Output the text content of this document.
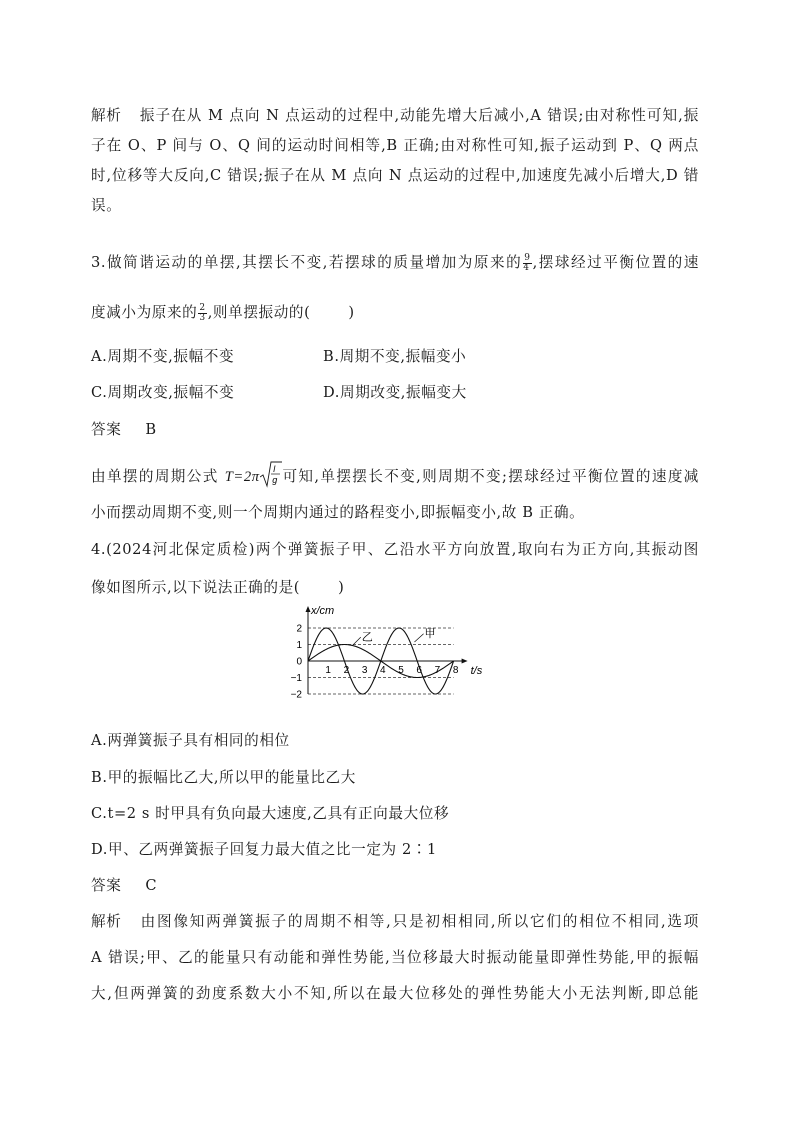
解析 振子在从 M 点向 N 点运动的过程中,动能先增大后减小,A 错误;由对称性可知,振
子在 O、P 间与 O、Q 间的运动时间相等,B 正确;由对称性可知,振子运动到 P、Q 两点
时,位移等大反向,C 错误;振子在从 M 点向 N 点运动的过程中,加速度先减小后增大,D 错
误。
3.做简谐运动的单摆,其摆长不变,若摆球的质量增加为原来的 $\frac{9}{4}$ ,摆球经过平衡位置的速
度减小为原来的 $\frac{2}{3}$ ,则单摆振动的(	)
A.周期不变,振幅不变	B.周期不变,振幅变小
C.周期改变,振幅不变	D.周期改变,振幅变大
答案 B
由单摆的周期公式 T=2π l
g 可知,单摆摆长不变,则周期不变;摆球经过平衡位置的速度减
小而摆动周期不变,则一个周期内通过的路程变小,即振幅变小,故 B 正确。
4.(2024河北保定质检)两个弹簧振子甲、乙沿水平方向放置,取向右为正方向,其振动图
像如图所示,以下说法正确的是(	)
乙	甲
1 2 3 4 5 6 7 8
2
1
0
−1
−2
t/s
x/cm
A.两弹簧振子具有相同的相位
B.甲的振幅比乙大,所以甲的能量比乙大
C.t=2 s 时甲具有负向最大速度,乙具有正向最大位移
D.甲、乙两弹簧振子回复力最大值之比一定为 2∶1
答案 C
解析 由图像知两弹簧振子的周期不相等,只是初相相同,所以它们的相位不相同,选项
A 错误;甲、乙的能量只有动能和弹性势能,当位移最大时振动能量即弹性势能,甲的振幅
大,但两弹簧的劲度系数大小不知,所以在最大位移处的弹性势能大小无法判断,即总能
